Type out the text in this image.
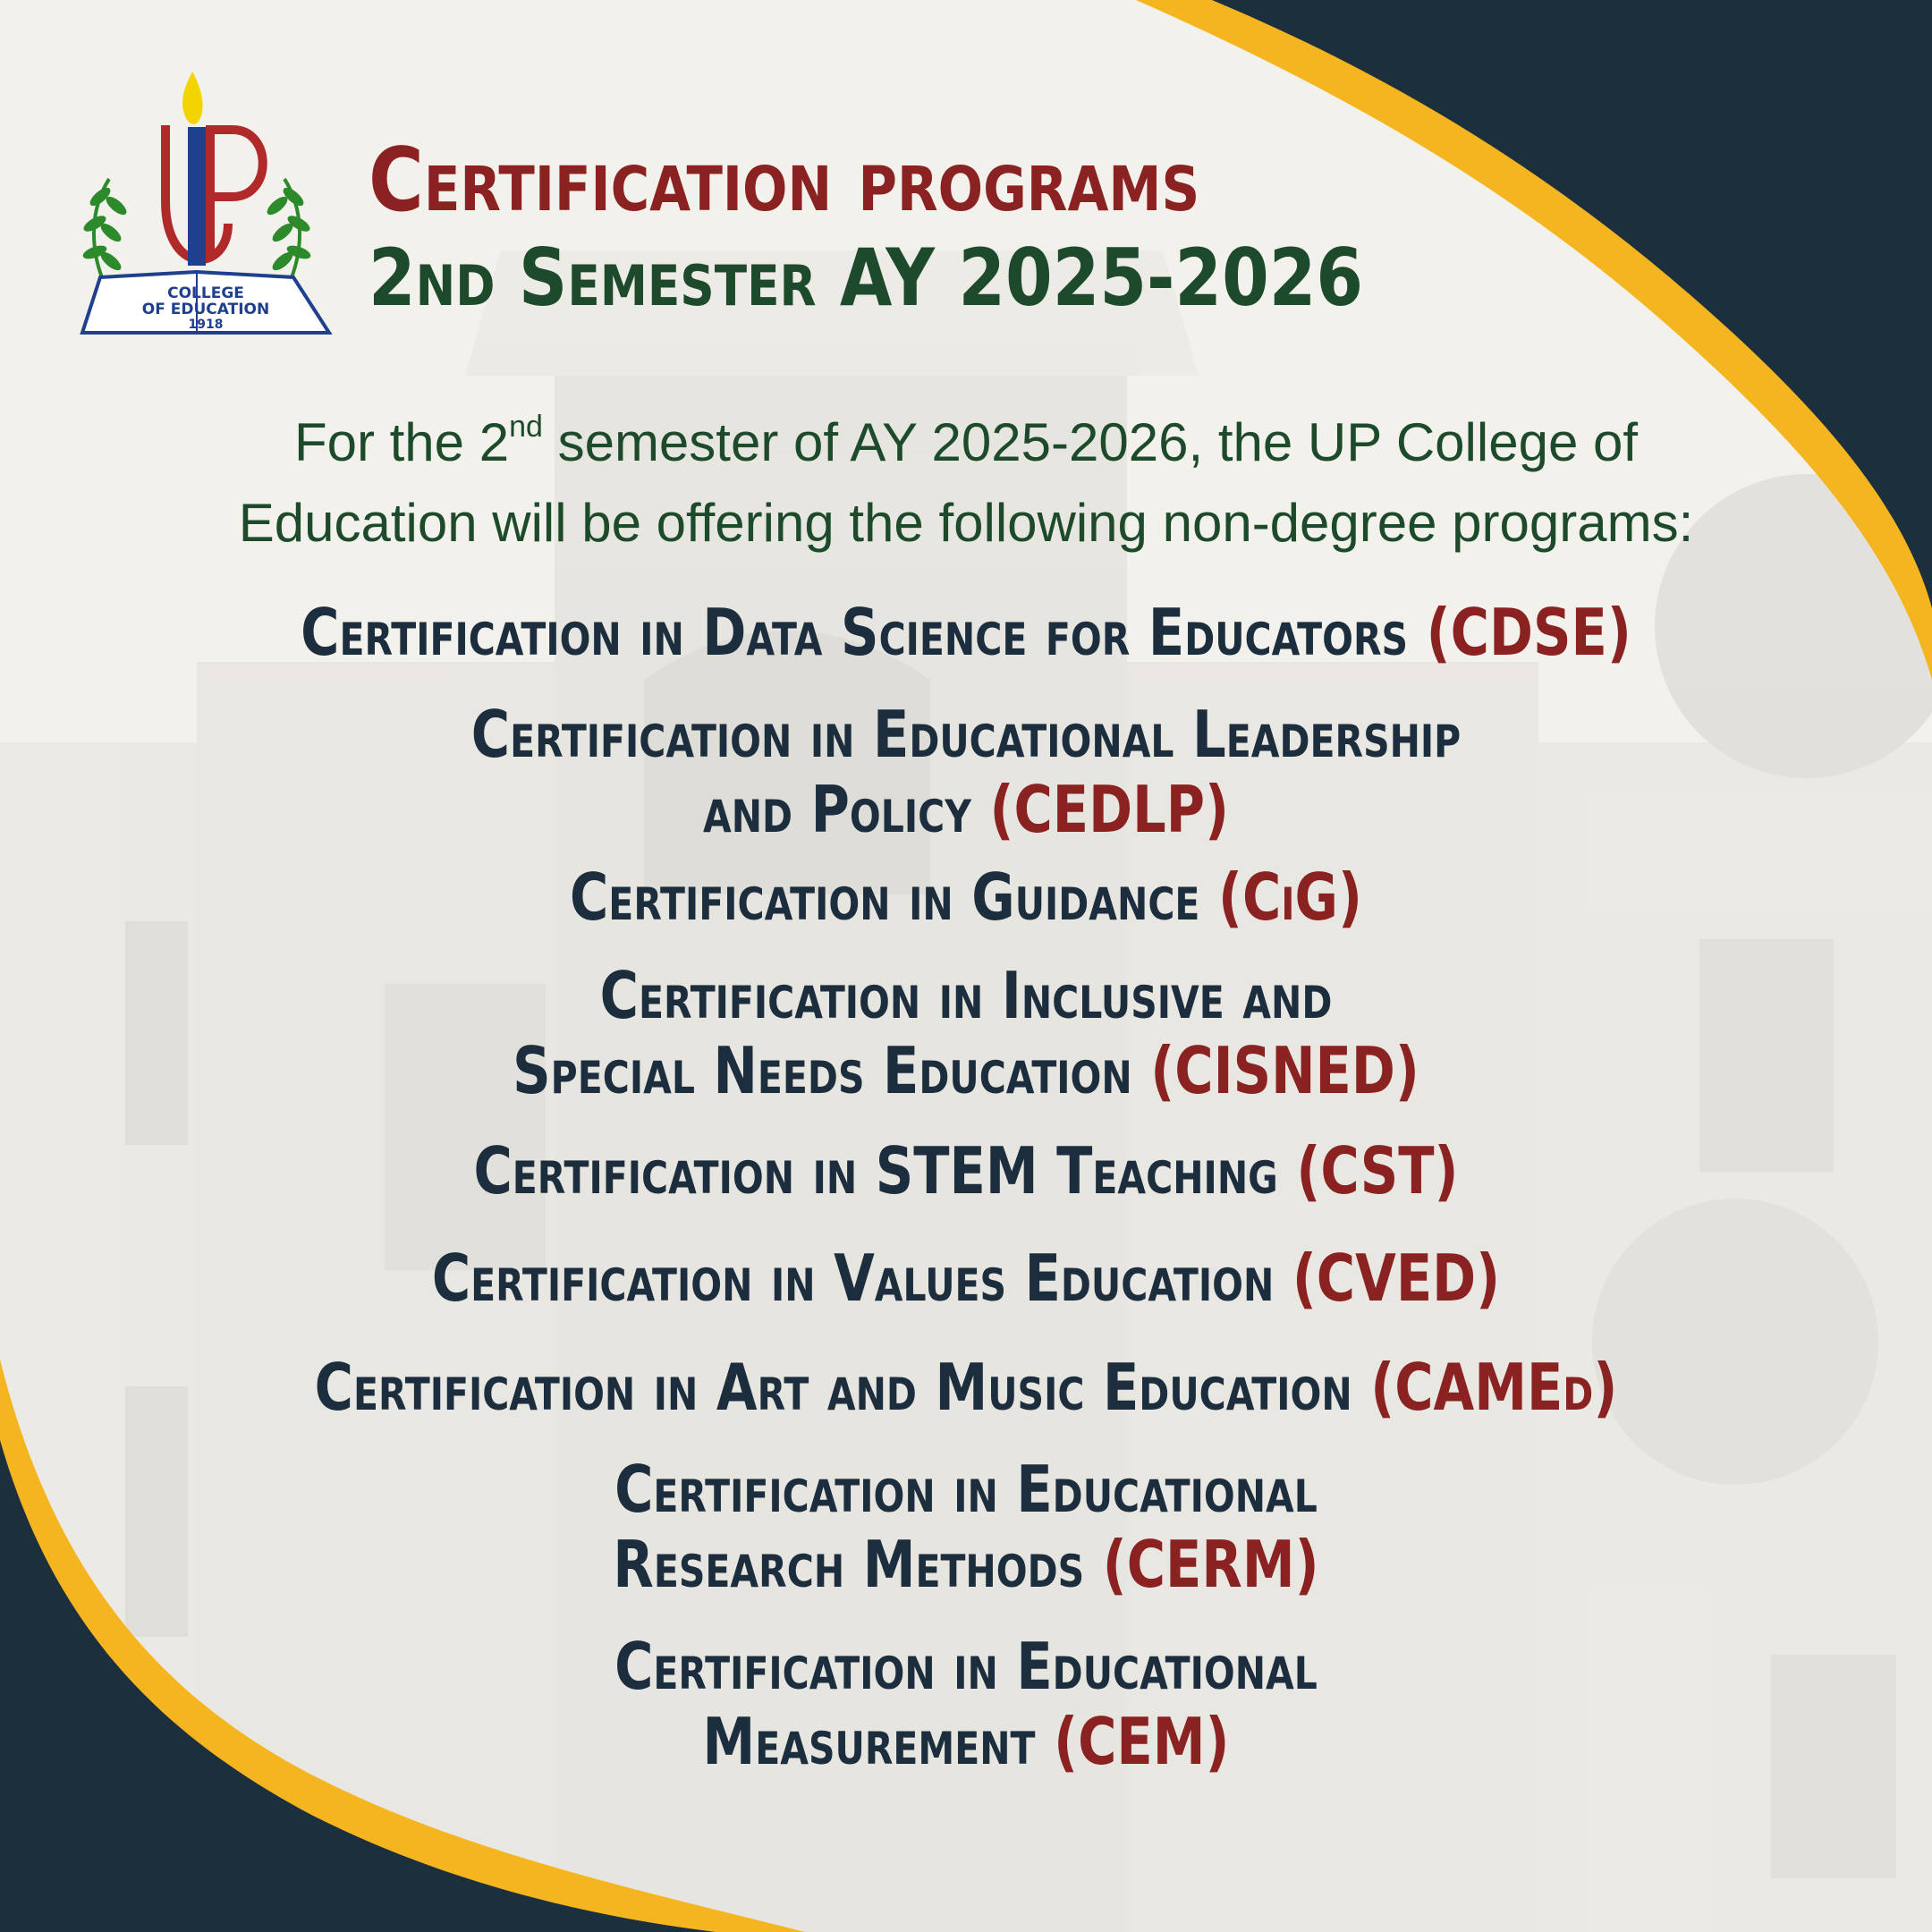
COLLEGE
OF EDUCATION
1918
Certification programs
2nd Semester AY 2025-2026
For the 2nd semester of AY 2025-2026, the UP College of
Education will be offering the following non-degree programs:
Certification in Data Science for Educators (CDSE)
Certification in Educational Leadership
and Policy (CEDLP)
Certification in Guidance (CiG)
Certification in Inclusive and
Special Needs Education (CISNED)
Certification in STEM Teaching (CST)
Certification in Values Education (CVED)
Certification in Art and Music Education (CAMEd)
Certification in Educational
Research Methods (CERM)
Certification in Educational
Measurement (CEM)
